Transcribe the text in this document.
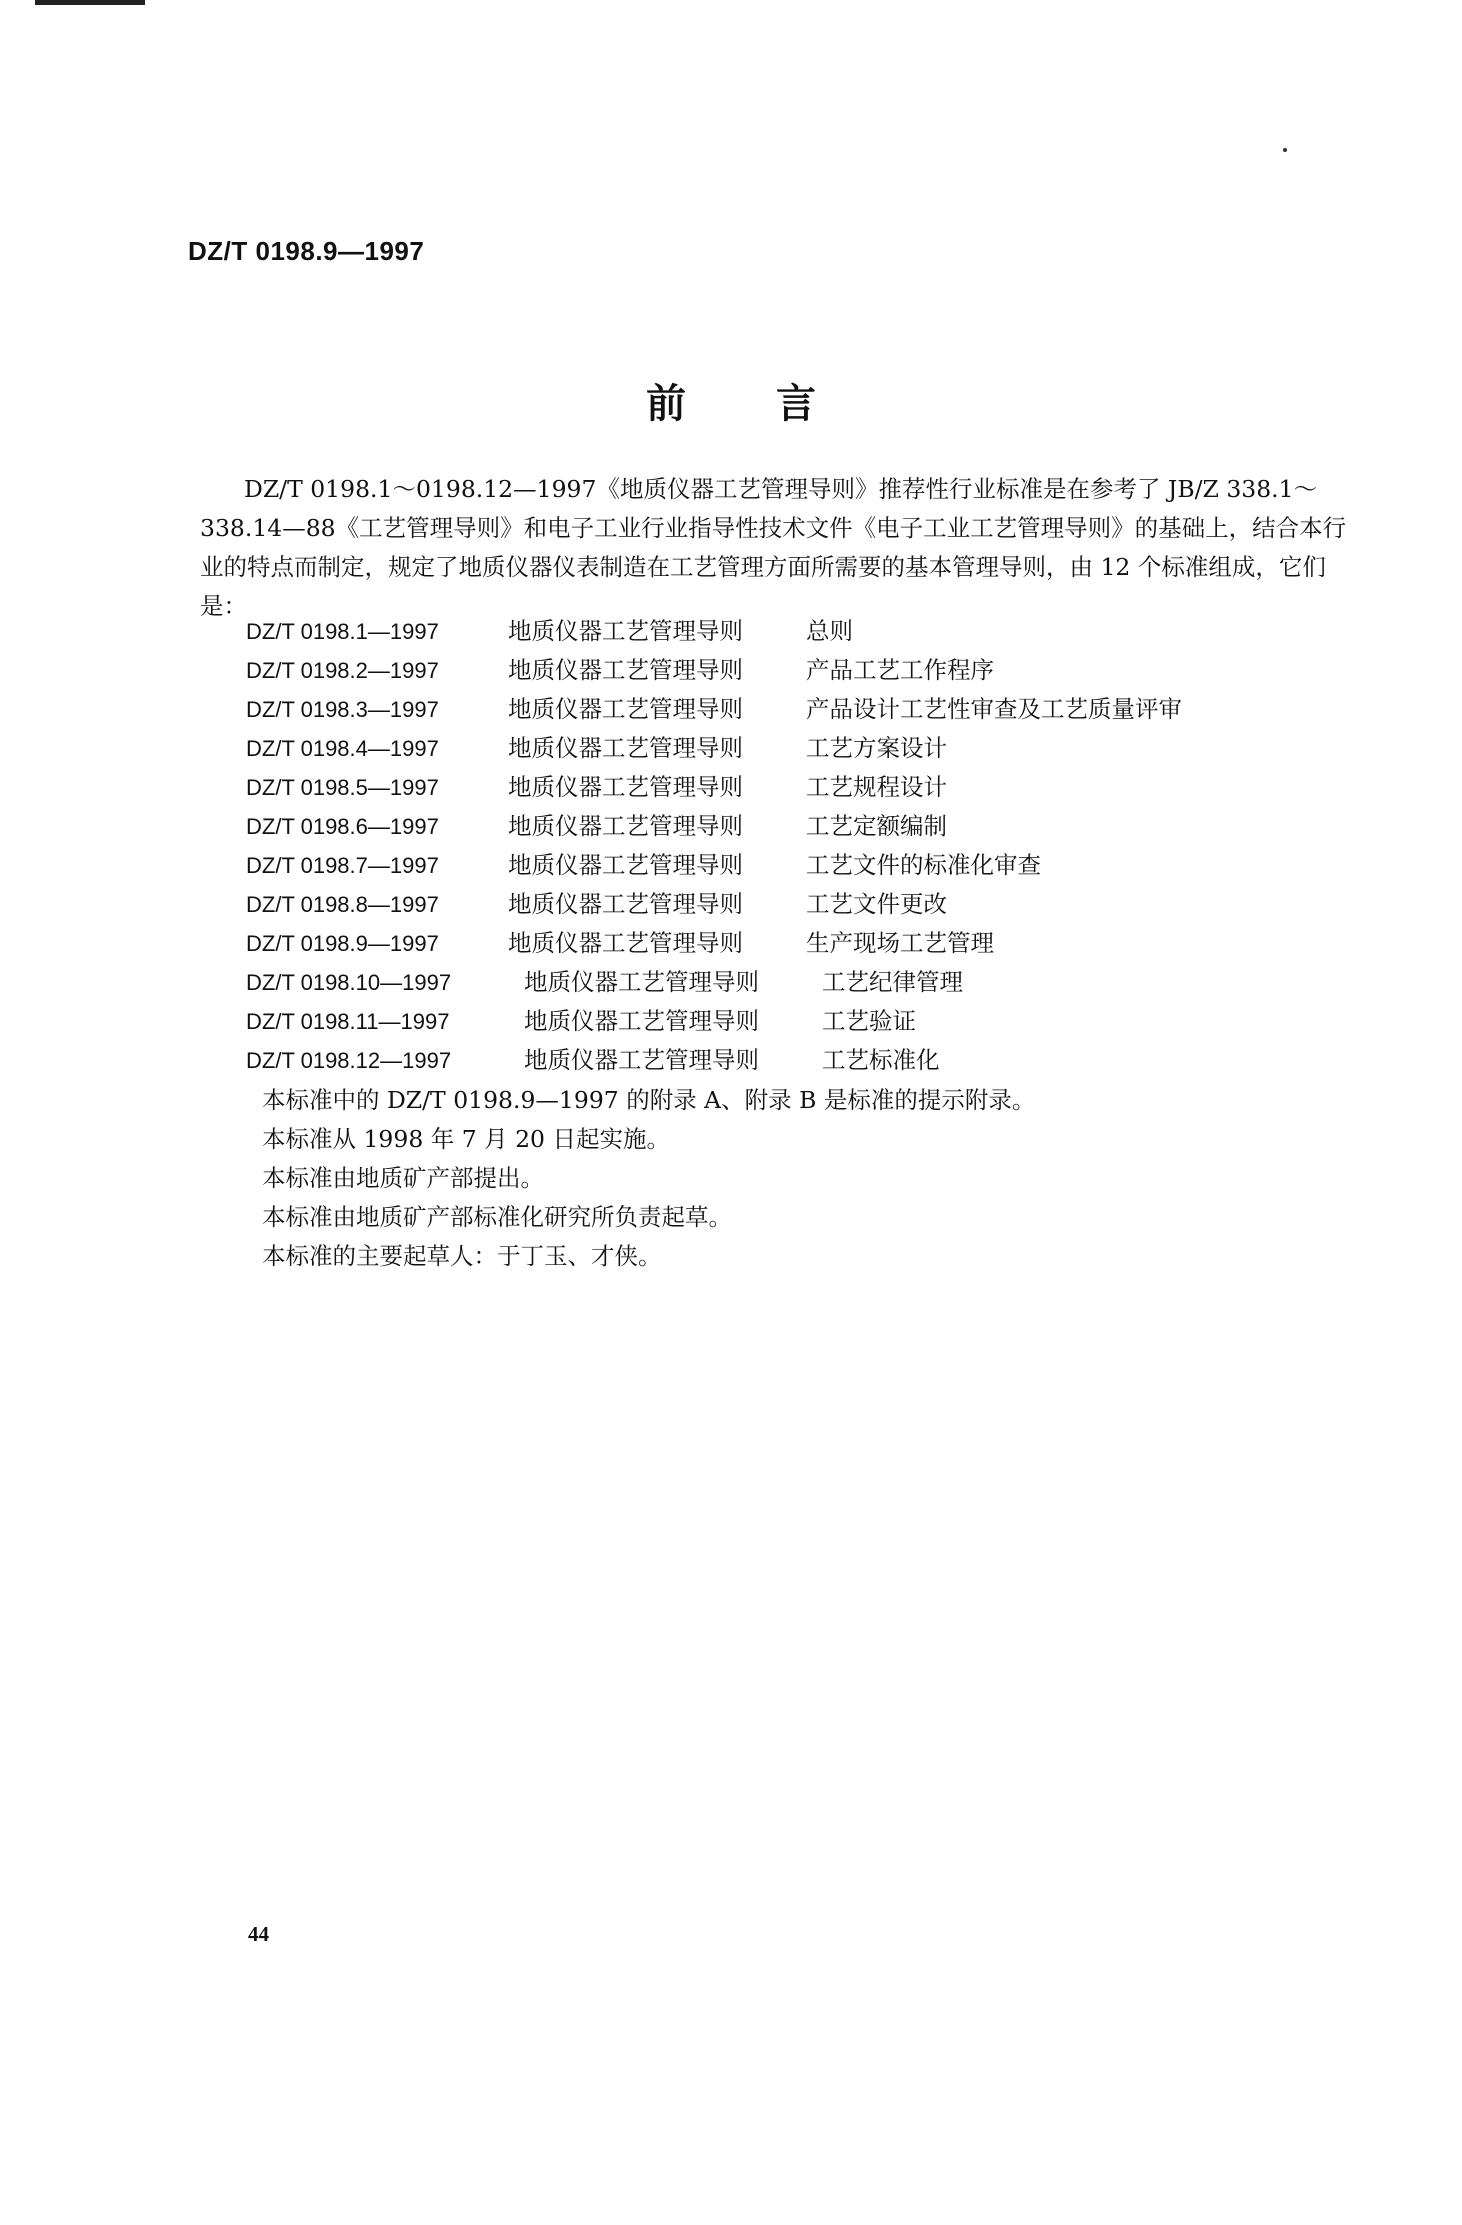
DZ/T 0198.9—1997
前言

DZ/T 0198.1～0198.12—1997《地质仪器工艺管理导则》推荐性行业标准是在参考了 JB/Z 338.1～338.14—88《工艺管理导则》和电子工业行业指导性技术文件《电子工业工艺管理导则》的基础上，结合本行业的特点而制定，规定了地质仪器仪表制造在工艺管理方面所需要的基本管理导则，由 12 个标准组成，它们是：

DZ/T 0198.1—1997	地质仪器工艺管理导则	总则
DZ/T 0198.2—1997	地质仪器工艺管理导则	产品工艺工作程序
DZ/T 0198.3—1997	地质仪器工艺管理导则	产品设计工艺性审查及工艺质量评审
DZ/T 0198.4—1997	地质仪器工艺管理导则	工艺方案设计
DZ/T 0198.5—1997	地质仪器工艺管理导则	工艺规程设计
DZ/T 0198.6—1997	地质仪器工艺管理导则	工艺定额编制
DZ/T 0198.7—1997	地质仪器工艺管理导则	工艺文件的标准化审查
DZ/T 0198.8—1997	地质仪器工艺管理导则	工艺文件更改
DZ/T 0198.9—1997	地质仪器工艺管理导则	生产现场工艺管理
DZ/T 0198.10—1997	地质仪器工艺管理导则	工艺纪律管理
DZ/T 0198.11—1997	地质仪器工艺管理导则	工艺验证
DZ/T 0198.12—1997	地质仪器工艺管理导则	工艺标准化
本标准中的 DZ/T 0198.9—1997 的附录 A、附录 B 是标准的提示附录。
本标准从 1998 年 7 月 20 日起实施。
本标准由地质矿产部提出。
本标准由地质矿产部标准化研究所负责起草。
本标准的主要起草人：于丁玉、才侠。
44
